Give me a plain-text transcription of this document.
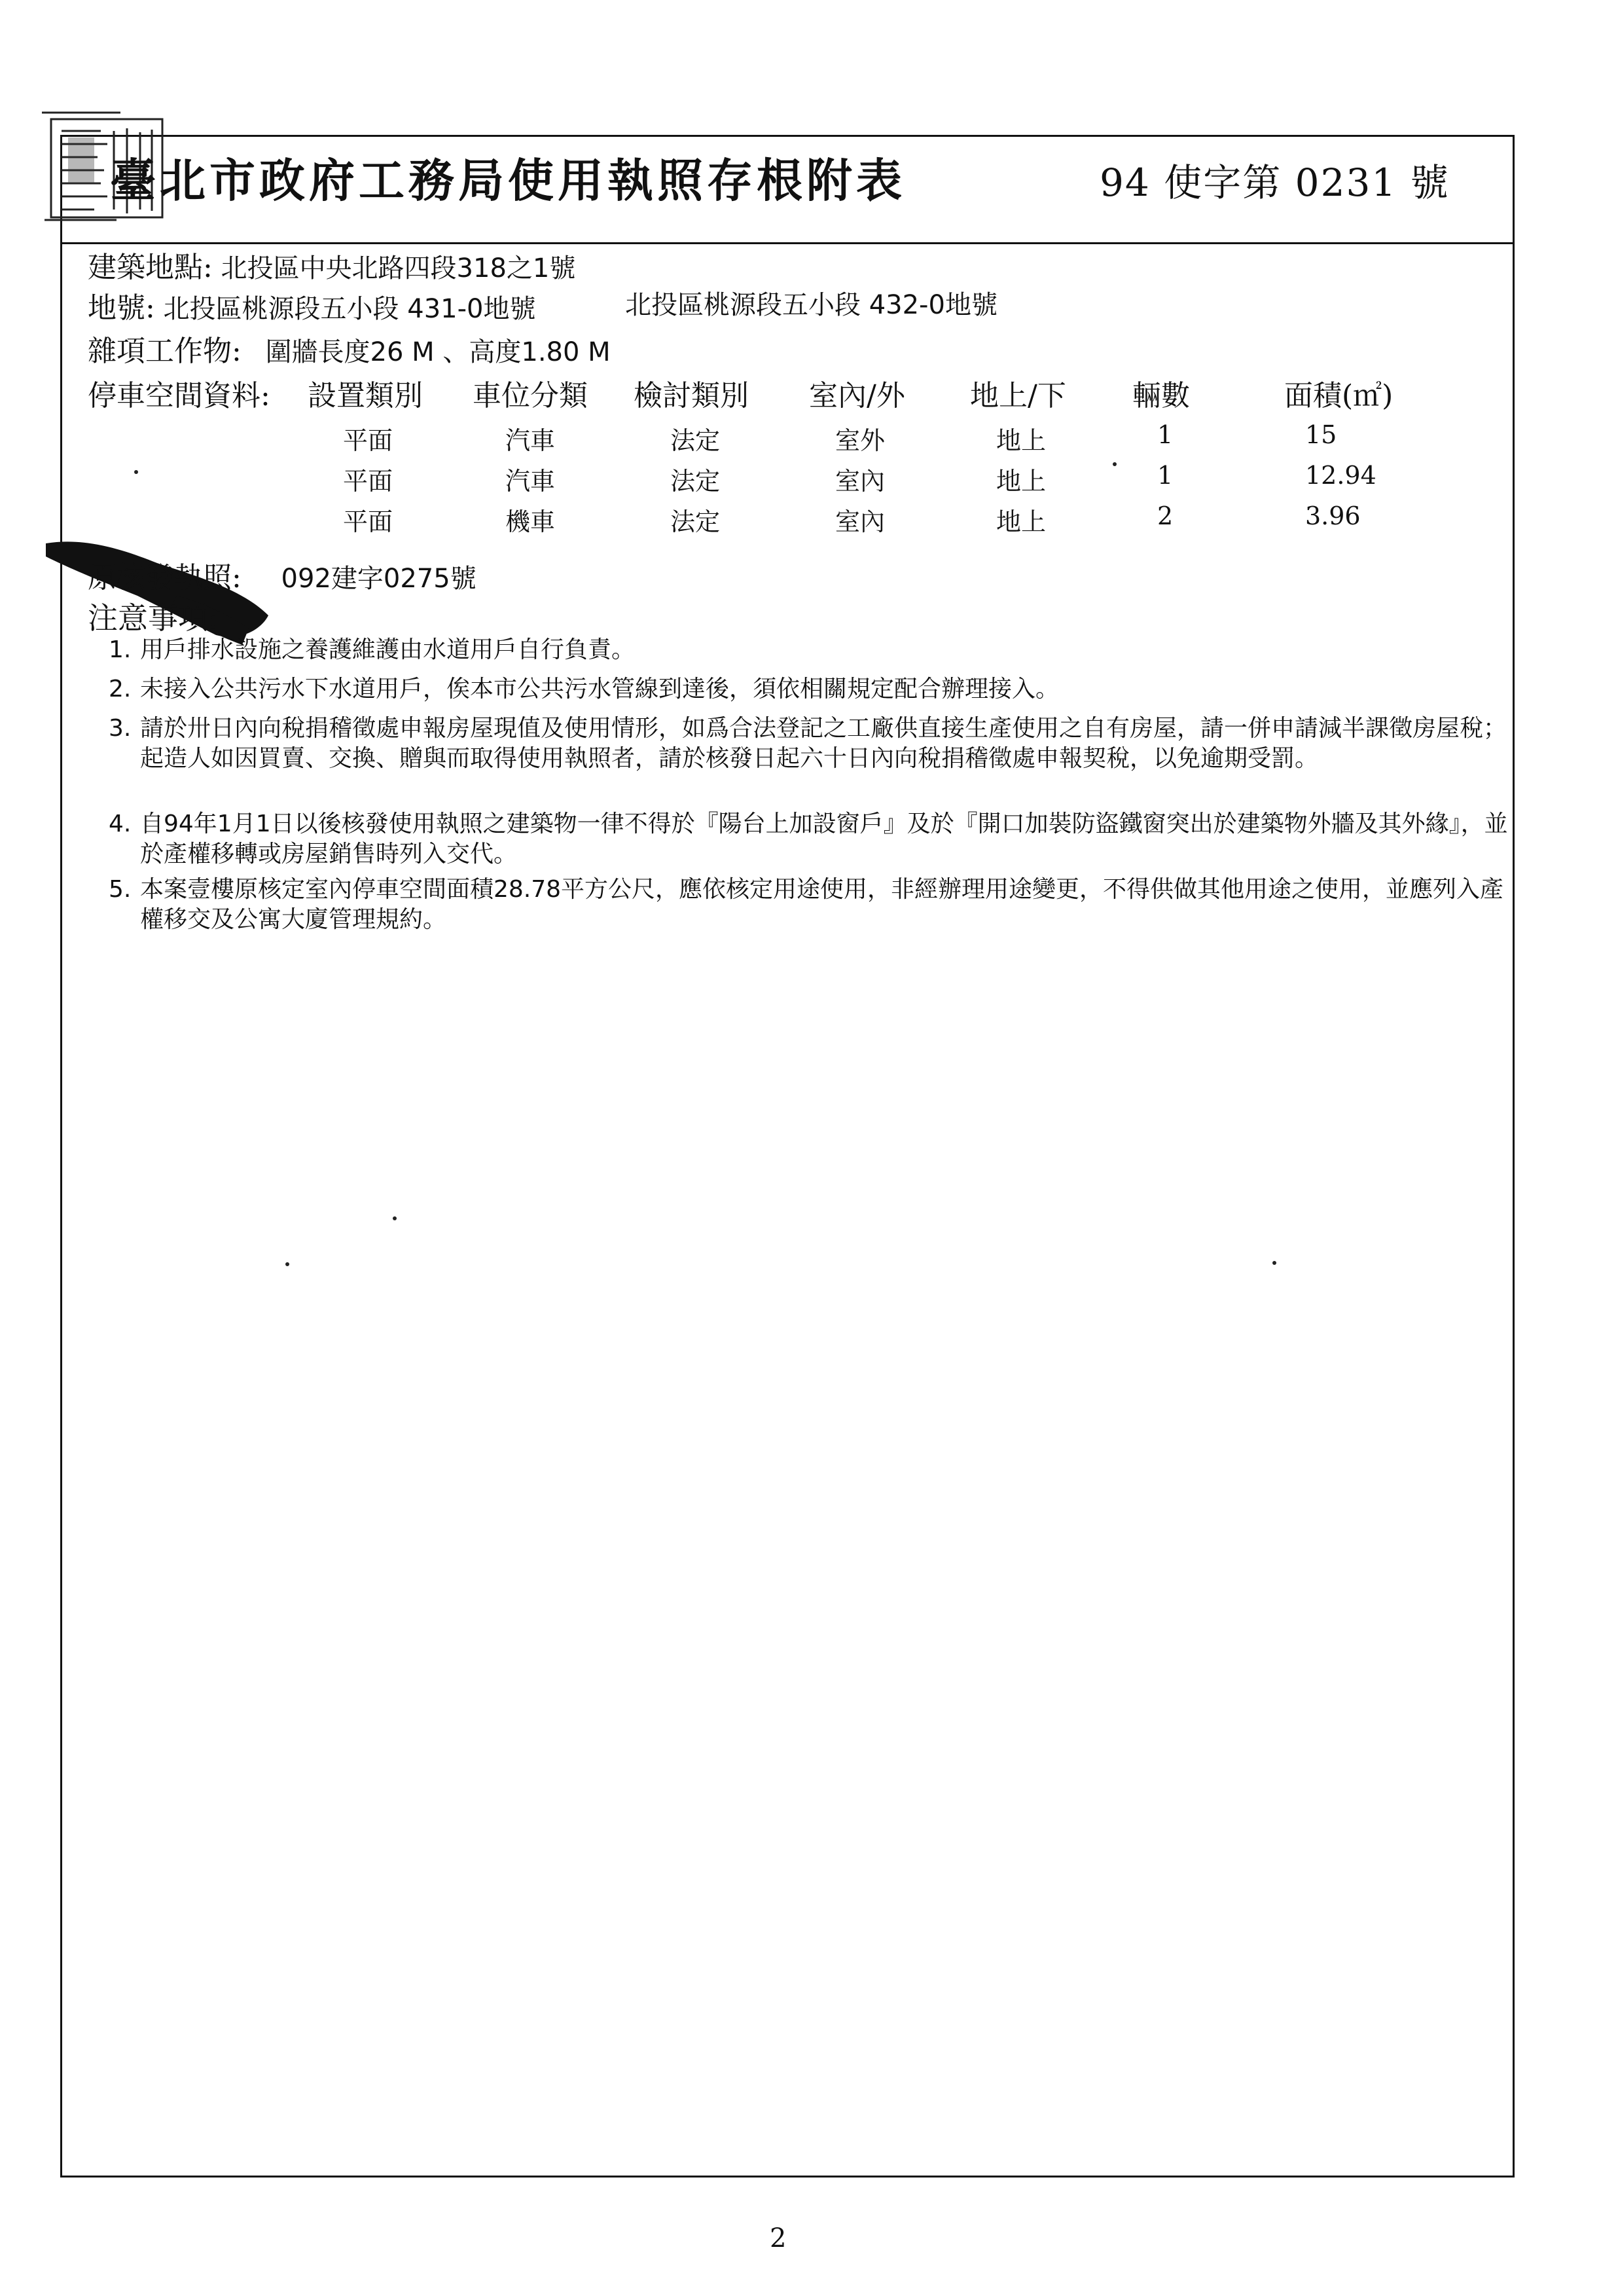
臺北市政府工務局使用執照存根附表	94 使字第 0231 號
建築地點: 北投區中央北路四段318之1號
地號: 北投區桃源段五小段 431-0地號	北投區桃源段五小段 432-0地號
雜項工作物: 圍牆長度26 M 、高度1.80 M
停車空間資料: 設置類別 車位分類 檢討類別 室內/外 地上/下 輛數	面積(㎡)
平面	汽車	法定	室外	地上	1	15
平面	汽車	法定	室內	地上	1	12.94
平面	機車	法定	室內	地上	2	3.96
原核發執照: 092建字0275號
注意事項:
1. 用戶排水設施之養護維護由水道用戶自行負責。
2. 未接入公共污水下水道用戶，俟本市公共污水管線到達後，須依相關規定配合辦理接入。
3. 請於卅日內向稅捐稽徵處申報房屋現值及使用情形，如爲合法登記之工廠供直接生產使用之自有房屋，請一併申請減半課徵房屋稅；起造人如因買賣、交換、贈與而取得使用執照者，請於核發日起六十日內向稅捐稽徵處申報契稅，以免逾期受罰。
4. 自94年1月1日以後核發使用執照之建築物一律不得於『陽台上加設窗戶』及於『開口加裝防盜鐵窗突出於建築物外牆及其外緣』，並於產權移轉或房屋銷售時列入交代。
5. 本案壹樓原核定室內停車空間面積28.78平方公尺，應依核定用途使用，非經辦理用途變更，不得供做其他用途之使用，並應列入產權移交及公寓大廈管理規約。
2
